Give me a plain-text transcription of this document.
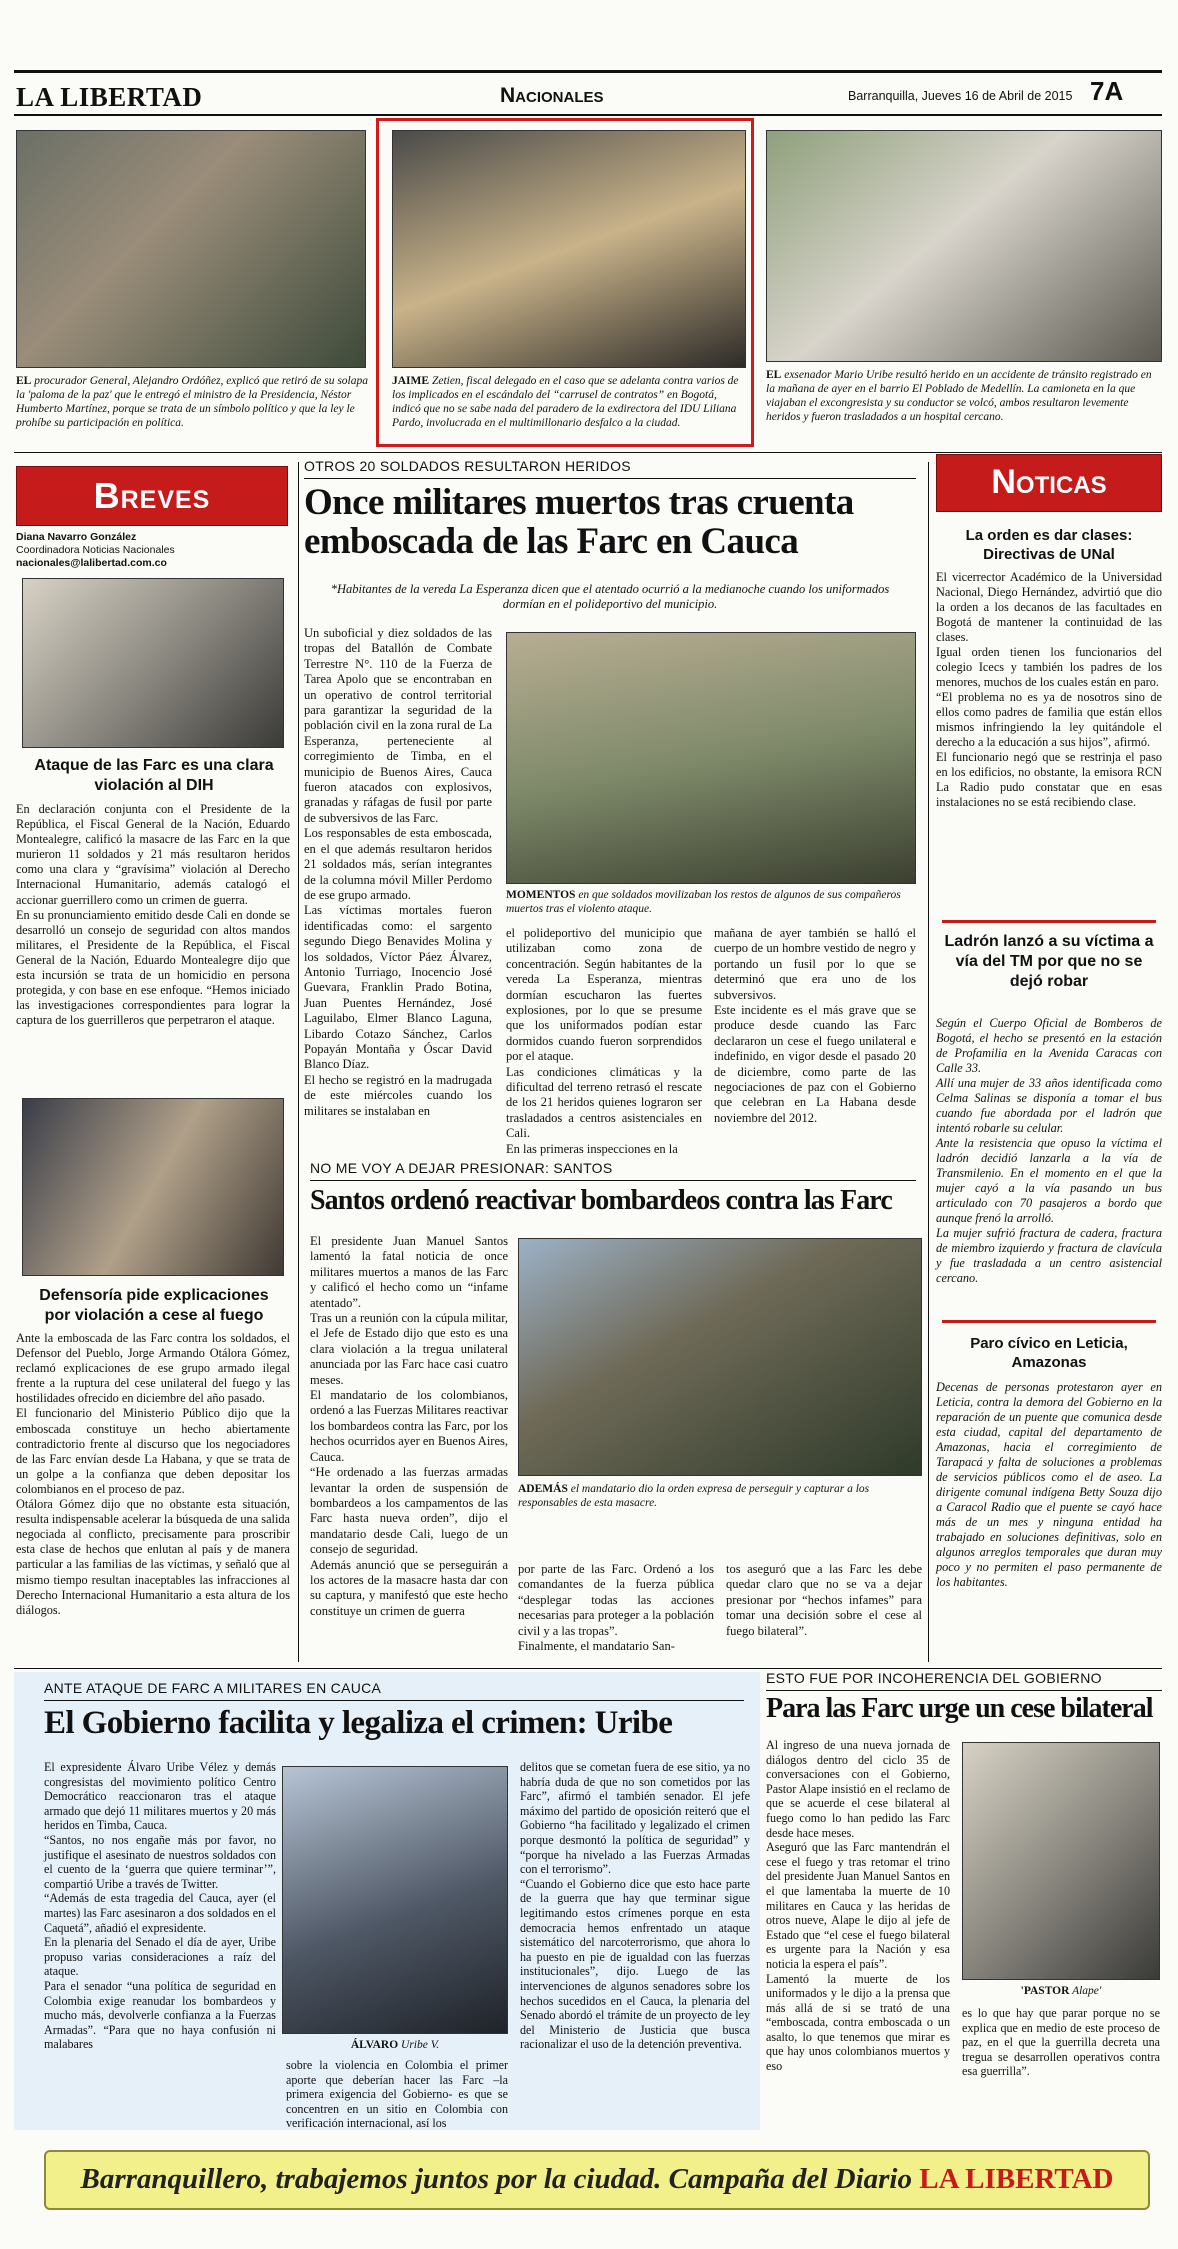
LA LIBERTAD	Nacionales	Barranquilla, Jueves 16 de Abril de 2015 7A
EL procurador General, Alejandro Ordóñez, explicó que retiró de su solapa la 'paloma de la paz' que le entregó el ministro de la Presidencia, Néstor Humberto Martínez, porque se trata de un símbolo político y que la ley le prohíbe su participación en política.
JAIME Zetien, fiscal delegado en el caso que se adelanta contra varios de los implicados en el escándalo del “carrusel de contratos” en Bogotá, indicó que no se sabe nada del paradero de la exdirectora del IDU Liliana Pardo, involucrada en el multimillonario desfalco a la ciudad.
EL exsenador Mario Uribe resultó herido en un accidente de tránsito registrado en la mañana de ayer en el barrio El Poblado de Medellín. La camioneta en la que viajaban el excongresista y su conductor se volcó, ambos resultaron levemente heridos y fueron trasladados a un hospital cercano.
Breves
Diana Navarro González
Coordinadora Noticias Nacionales
nacionales@lalibertad.com.co
Ataque de las Farc es una clara violación al DIH
En declaración conjunta con el Presidente de la República, el Fiscal General de la Nación, Eduardo Montealegre, calificó la masacre de las Farc en la que murieron 11 soldados y 21 más resultaron heridos como una clara y “gravísima” violación al Derecho Internacional Humanitario, además catalogó el accionar guerrillero como un crimen de guerra.
En su pronunciamiento emitido desde Cali en donde se desarrolló un consejo de seguridad con altos mandos militares, el Presidente de la República, el Fiscal General de la Nación, Eduardo Montealegre dijo que esta incursión se trata de un homicidio en persona protegida, y con base en ese enfoque. “Hemos iniciado las investigaciones correspondientes para lograr la captura de los guerrilleros que perpetraron el ataque.
Defensoría pide explicaciones por violación a cese al fuego
Ante la emboscada de las Farc contra los soldados, el Defensor del Pueblo, Jorge Armando Otálora Gómez, reclamó explicaciones de ese grupo armado ilegal frente a la ruptura del cese unilateral del fuego y las hostilidades ofrecido en diciembre del año pasado.
El funcionario del Ministerio Público dijo que la emboscada constituye un hecho abiertamente contradictorio frente al discurso que los negociadores de las Farc envían desde La Habana, y que se trata de un golpe a la confianza que deben depositar los colombianos en el proceso de paz.
Otálora Gómez dijo que no obstante esta situación, resulta indispensable acelerar la búsqueda de una salida negociada al conflicto, precisamente para proscribir esta clase de hechos que enlutan al país y de manera particular a las familias de las víctimas, y señaló que al mismo tiempo resultan inaceptables las infracciones al Derecho Internacional Humanitario a esta altura de los diálogos.
OTROS 20 SOLDADOS RESULTARON HERIDOS
Once militares muertos tras cruenta emboscada de las Farc en Cauca
*Habitantes de la vereda La Esperanza dicen que el atentado ocurrió a la medianoche cuando los uniformados dormían en el polideportivo del municipio.
Un suboficial y diez soldados de las tropas del Batallón de Combate Terrestre N°. 110 de la Fuerza de Tarea Apolo que se encontraban en un operativo de control territorial para garantizar la seguridad de la población civil en la zona rural de La Esperanza, perteneciente al corregimiento de Timba, en el municipio de Buenos Aires, Cauca fueron atacados con explosivos, granadas y ráfagas de fusil por parte de subversivos de las Farc.
Los responsables de esta emboscada, en el que además resultaron heridos 21 soldados más, serían integrantes de la columna móvil Miller Perdomo de ese grupo armado.
Las víctimas mortales fueron identificadas como: el sargento segundo Diego Benavides Molina y los soldados, Víctor Páez Álvarez, Antonio Turriago, Inocencio José Guevara, Franklin Prado Botina, Juan Puentes Hernández, José Laguilabo, Elmer Blanco Laguna, Libardo Cotazo Sánchez, Carlos Popayán Montaña y Óscar David Blanco Díaz.
El hecho se registró en la madrugada de este miércoles cuando los militares se instalaban en
MOMENTOS en que soldados movilizaban los restos de algunos de sus compañeros muertos tras el violento ataque.
el polideportivo del municipio que utilizaban como zona de concentración. Según habitantes de la vereda La Esperanza, mientras dormían escucharon las fuertes explosiones, por lo que se presume que los uniformados podían estar dormidos cuando fueron sorprendidos por el ataque.
Las condiciones climáticas y la dificultad del terreno retrasó el rescate de los 21 heridos quienes lograron ser trasladados a centros asistenciales en Cali.
En las primeras inspecciones en la
mañana de ayer también se halló el cuerpo de un hombre vestido de negro y portando un fusil por lo que se determinó que era uno de los subversivos.
Este incidente es el más grave que se produce desde cuando las Farc declararon un cese el fuego unilateral e indefinido, en vigor desde el pasado 20 de diciembre, como parte de las negociaciones de paz con el Gobierno que celebran en La Habana desde noviembre del 2012.
NO ME VOY A DEJAR PRESIONAR: SANTOS
Santos ordenó reactivar bombardeos contra las Farc
El presidente Juan Manuel Santos lamentó la fatal noticia de once militares muertos a manos de las Farc y calificó el hecho como un “infame atentado”.
Tras un a reunión con la cúpula militar, el Jefe de Estado dijo que esto es una clara violación a la tregua unilateral anunciada por las Farc hace casi cuatro meses.
El mandatario de los colombianos, ordenó a las Fuerzas Militares reactivar los bombardeos contra las Farc, por los hechos ocurridos ayer en Buenos Aires, Cauca.
“He ordenado a las fuerzas armadas levantar la orden de suspensión de bombardeos a los campamentos de las Farc hasta nueva orden”, dijo el mandatario desde Cali, luego de un consejo de seguridad.
Además anunció que se perseguirán a los actores de la masacre hasta dar con su captura, y manifestó que este hecho constituye un crimen de guerra
ADEMÁS el mandatario dio la orden expresa de perseguir y capturar a los responsables de esta masacre.
por parte de las Farc. Ordenó a los comandantes de la fuerza pública “desplegar todas las acciones necesarias para proteger a la población civil y a las tropas”.
Finalmente, el mandatario San-
tos aseguró que a las Farc les debe quedar claro que no se va a dejar presionar por “hechos infames” para tomar una decisión sobre el cese al fuego bilateral”.
Noticas
La orden es dar clases: Directivas de UNal
El vicerrector Académico de la Universidad Nacional, Diego Hernández, advirtió que dio la orden a los decanos de las facultades en Bogotá de mantener la continuidad de las clases.
Igual orden tienen los funcionarios del colegio Icecs y también los padres de los menores, muchos de los cuales están en paro.
“El problema no es ya de nosotros sino de ellos como padres de familia que están ellos mismos infringiendo la ley quitándole el derecho a la educación a sus hijos”, afirmó.
El funcionario negó que se restrinja el paso en los edificios, no obstante, la emisora RCN La Radio pudo constatar que en esas instalaciones no se está recibiendo clase.
Ladrón lanzó a su víctima a vía del TM por que no se dejó robar
Según el Cuerpo Oficial de Bomberos de Bogotá, el hecho se presentó en la estación de Profamilia en la Avenida Caracas con Calle 33.
Allí una mujer de 33 años identificada como Celma Salinas se disponía a tomar el bus cuando fue abordada por el ladrón que intentó robarle su celular.
Ante la resistencia que opuso la víctima el ladrón decidió lanzarla a la vía de Transmilenio. En el momento en el que la mujer cayó a la vía pasando un bus articulado con 70 pasajeros a bordo que aunque frenó la arrolló.
La mujer sufrió fractura de cadera, fractura de miembro izquierdo y fractura de clavícula y fue trasladada a un centro asistencial cercano.
Paro cívico en Leticia, Amazonas
Decenas de personas protestaron ayer en Leticia, contra la demora del Gobierno en la reparación de un puente que comunica desde esta ciudad, capital del departamento de Amazonas, hacia el corregimiento de Tarapacá y falta de soluciones a problemas de servicios públicos como el de aseo. La dirigente comunal indígena Betty Souza dijo a Caracol Radio que el puente se cayó hace más de un mes y ninguna entidad ha trabajado en soluciones definitivas, solo en algunos arreglos temporales que duran muy poco y no permiten el paso permanente de los habitantes.
ANTE ATAQUE DE FARC A MILITARES EN CAUCA
El Gobierno facilita y legaliza el crimen: Uribe
El expresidente Álvaro Uribe Vélez y demás congresistas del movimiento político Centro Democrático reaccionaron tras el ataque armado que dejó 11 militares muertos y 20 más heridos en Timba, Cauca.
“Santos, no nos engañe más por favor, no justifique el asesinato de nuestros soldados con el cuento de la ‘guerra que quiere terminar’”, compartió Uribe a través de Twitter.
“Además de esta tragedia del Cauca, ayer (el martes) las Farc asesinaron a dos soldados en el Caquetá”, añadió el expresidente.
En la plenaria del Senado el día de ayer, Uribe propuso varias consideraciones a raíz del ataque.
Para el senador “una política de seguridad en Colombia exige reanudar los bombardeos y mucho más, devolverle confianza a la Fuerzas Armadas”. “Para que no haya confusión ni malabares	ÁLVARO Uribe V.
sobre la violencia en Colombia el primer aporte que deberían hacer las Farc –la primera exigencia del Gobierno- es que se concentren en un sitio en Colombia con verificación internacional, así los
delitos que se cometan fuera de ese sitio, ya no habría duda de que no son cometidos por las Farc”, afirmó el también senador. El jefe máximo del partido de oposición reiteró que el Gobierno “ha facilitado y legalizado el crimen porque desmontó la política de seguridad” y “porque ha nivelado a las Fuerzas Armadas con el terrorismo”.
“Cuando el Gobierno dice que esto hace parte de la guerra que hay que terminar sigue legitimando estos crímenes porque en esta democracia hemos enfrentado un ataque sistemático del narcoterrorismo, que ahora lo ha puesto en pie de igualdad con las fuerzas institucionales”, dijo. Luego de las intervenciones de algunos senadores sobre los hechos sucedidos en el Cauca, la plenaria del Senado abordó el trámite de un proyecto de ley del Ministerio de Justicia que busca racionalizar el uso de la detención preventiva.
ESTO FUE POR INCOHERENCIA DEL GOBIERNO
Para las Farc urge un cese bilateral
Al ingreso de una nueva jornada de diálogos dentro del ciclo 35 de conversaciones con el Gobierno, Pastor Alape insistió en el reclamo de que se acuerde el cese bilateral al fuego como lo han pedido las Farc desde hace meses.
Aseguró que las Farc mantendrán el cese el fuego y tras retomar el trino del presidente Juan Manuel Santos en el que lamentaba la muerte de 10 militares en Cauca y las heridas de otros nueve, Alape le dijo al jefe de Estado que “el cese el fuego bilateral es urgente para la Nación y esa noticia la espera el país”.
Lamentó la muerte de los uniformados y le dijo a la prensa que más allá de si se trató de una “emboscada, contra emboscada o un asalto, lo que tenemos que mirar es que hay unos colombianos muertos y eso
'PASTOR Alape'
es lo que hay que parar porque no se explica que en medio de este proceso de paz, en el que la guerrilla decreta una tregua se desarrollen operativos contra esa guerrilla”.
Barranquillero, trabajemos juntos por la ciudad. Campaña del Diario LA LIBERTAD
